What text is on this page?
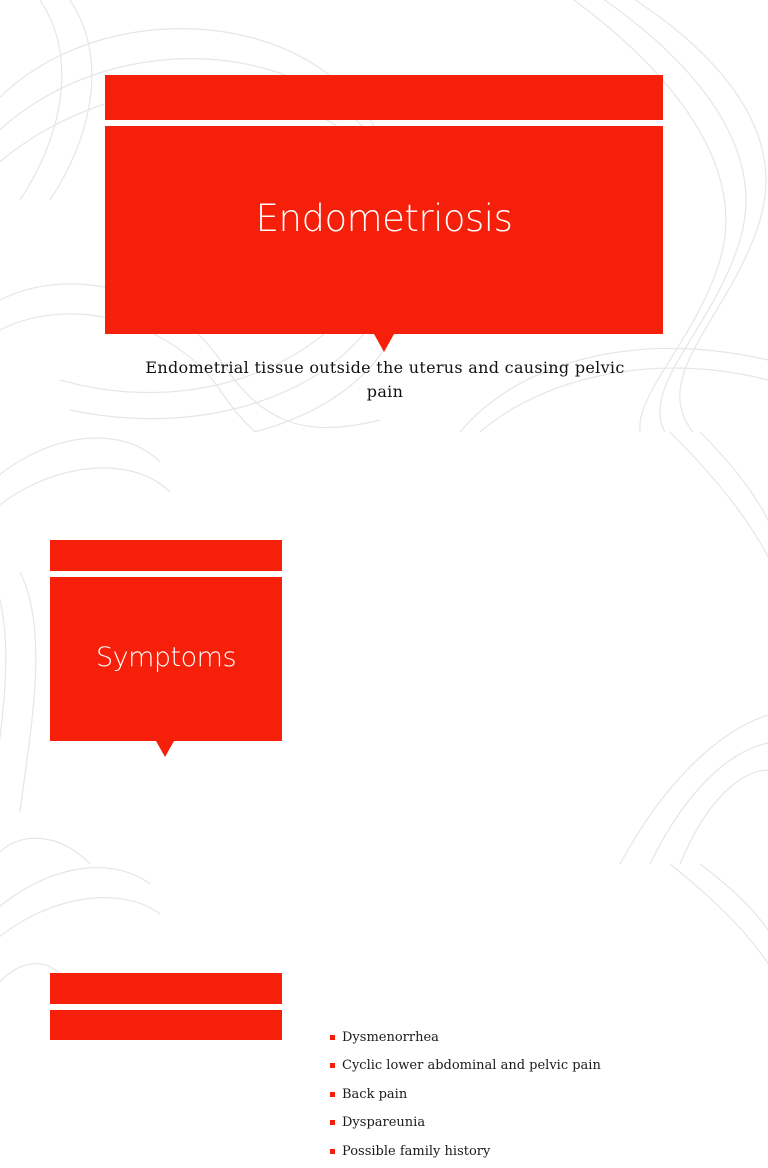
Endometriosis
Endometrial tissue outside the uterus and causing pelvic pain
Symptoms
Dysmenorrhea
Cyclic lower abdominal and pelvic pain
Back pain
Dyspareunia
Possible family history
